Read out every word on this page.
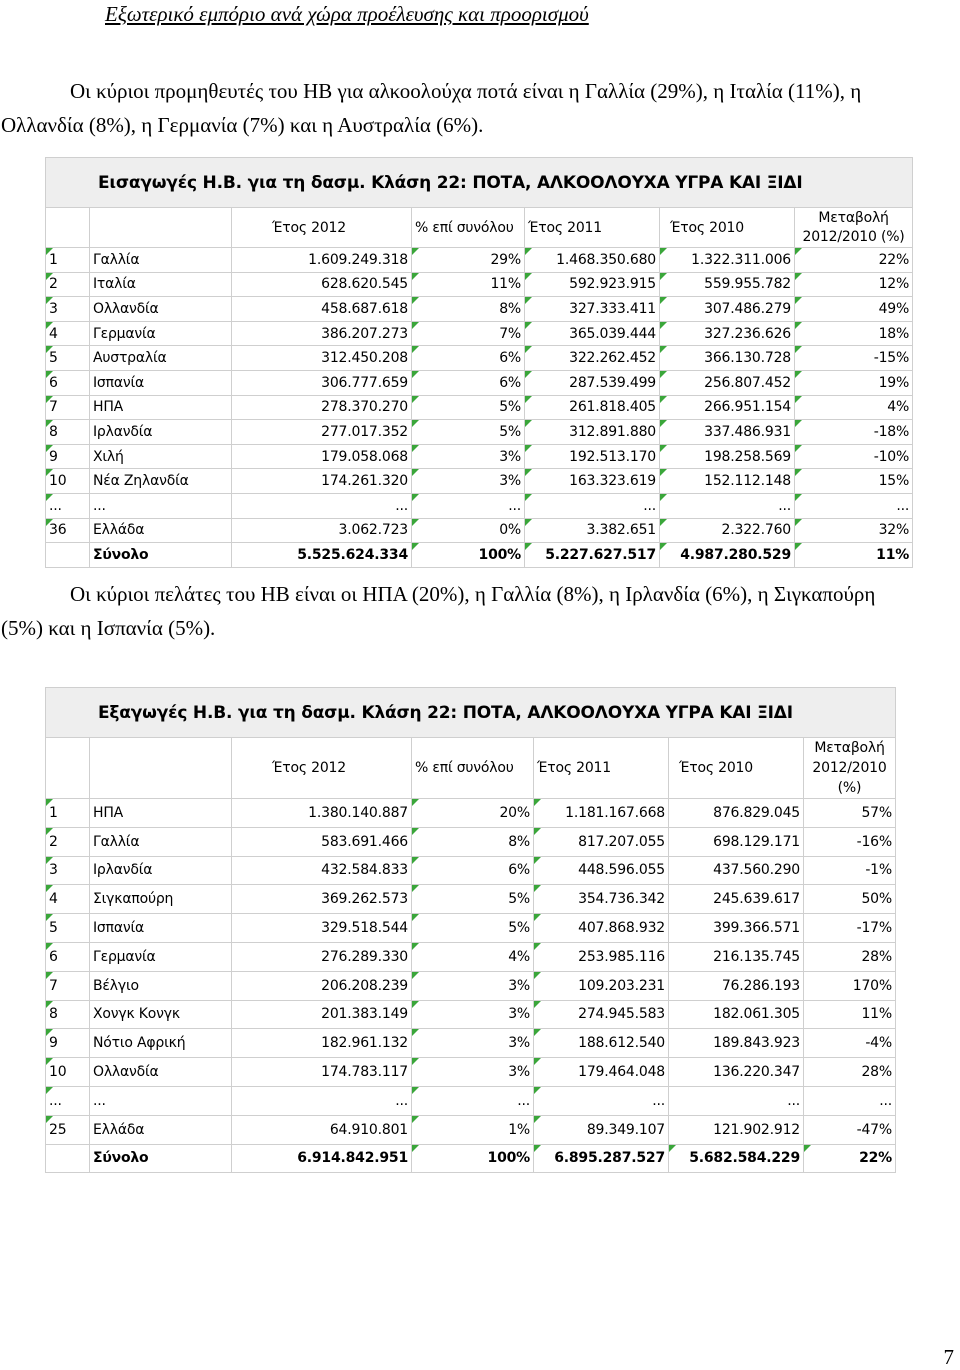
Εξωτερικό εμπόριο ανά χώρα προέλευσης και προορισμού
Οι κύριοι προμηθευτές του ΗΒ για αλκοολούχα ποτά είναι η Γαλλία (29%), η Ιταλία (11%), η
Ολλανδία (8%), η Γερμανία (7%) και η Αυστραλία (6%).
Εισαγωγές Η.Β. για τη δασμ. Κλάση 22: ΠΟΤΑ, ΑΛΚΟΟΛΟΥΧΑ ΥΓΡΑ ΚΑΙ ΞΙΔΙ						
		Έτος 2012	% επί συνόλου	Έτος 2011	Έτος 2010	Μεταβολή 2012/2010 (%)
1	Γαλλία	1.609.249.318	29%	1.468.350.680	1.322.311.006	22%
2	Ιταλία	628.620.545	11%	592.923.915	559.955.782	12%
3	Ολλανδία	458.687.618	8%	327.333.411	307.486.279	49%
4	Γερμανία	386.207.273	7%	365.039.444	327.236.626	18%
5	Αυστραλία	312.450.208	6%	322.262.452	366.130.728	-15%
6	Ισπανία	306.777.659	6%	287.539.499	256.807.452	19%
7	ΗΠΑ	278.370.270	5%	261.818.405	266.951.154	4%
8	Ιρλανδία	277.017.352	5%	312.891.880	337.486.931	-18%
9	Χιλή	179.058.068	3%	192.513.170	198.258.569	-10%
10	Νέα Ζηλανδία	174.261.320	3%	163.323.619	152.112.148	15%
...	...	...	...	...	...	...
36	Ελλάδα	3.062.723	0%	3.382.651	2.322.760	32%
	Σύνολο	5.525.624.334	100%	5.227.627.517	4.987.280.529	11%
Οι κύριοι πελάτες του ΗΒ είναι οι ΗΠΑ (20%), η Γαλλία (8%), η Ιρλανδία (6%), η Σιγκαπούρη
(5%) και η Ισπανία (5%).
Εξαγωγές Η.Β. για τη δασμ. Κλάση 22: ΠΟΤΑ, ΑΛΚΟΟΛΟΥΧΑ ΥΓΡΑ ΚΑΙ ΞΙΔΙ						
		Έτος 2012	% επί συνόλου	Έτος 2011	Έτος 2010	Μεταβολή 2012/2010 (%)
1	ΗΠΑ	1.380.140.887	20%	1.181.167.668	876.829.045	57%
2	Γαλλία	583.691.466	8%	817.207.055	698.129.171	-16%
3	Ιρλανδία	432.584.833	6%	448.596.055	437.560.290	-1%
4	Σιγκαπούρη	369.262.573	5%	354.736.342	245.639.617	50%
5	Ισπανία	329.518.544	5%	407.868.932	399.366.571	-17%
6	Γερμανία	276.289.330	4%	253.985.116	216.135.745	28%
7	Βέλγιο	206.208.239	3%	109.203.231	76.286.193	170%
8	Χονγκ Κονγκ	201.383.149	3%	274.945.583	182.061.305	11%
9	Νότιο Αφρική	182.961.132	3%	188.612.540	189.843.923	-4%
10	Ολλανδία	174.783.117	3%	179.464.048	136.220.347	28%
...	...	...	...	...	...	...
25	Ελλάδα	64.910.801	1%	89.349.107	121.902.912	-47%
	Σύνολο	6.914.842.951	100%	6.895.287.527	5.682.584.229	22%
7
